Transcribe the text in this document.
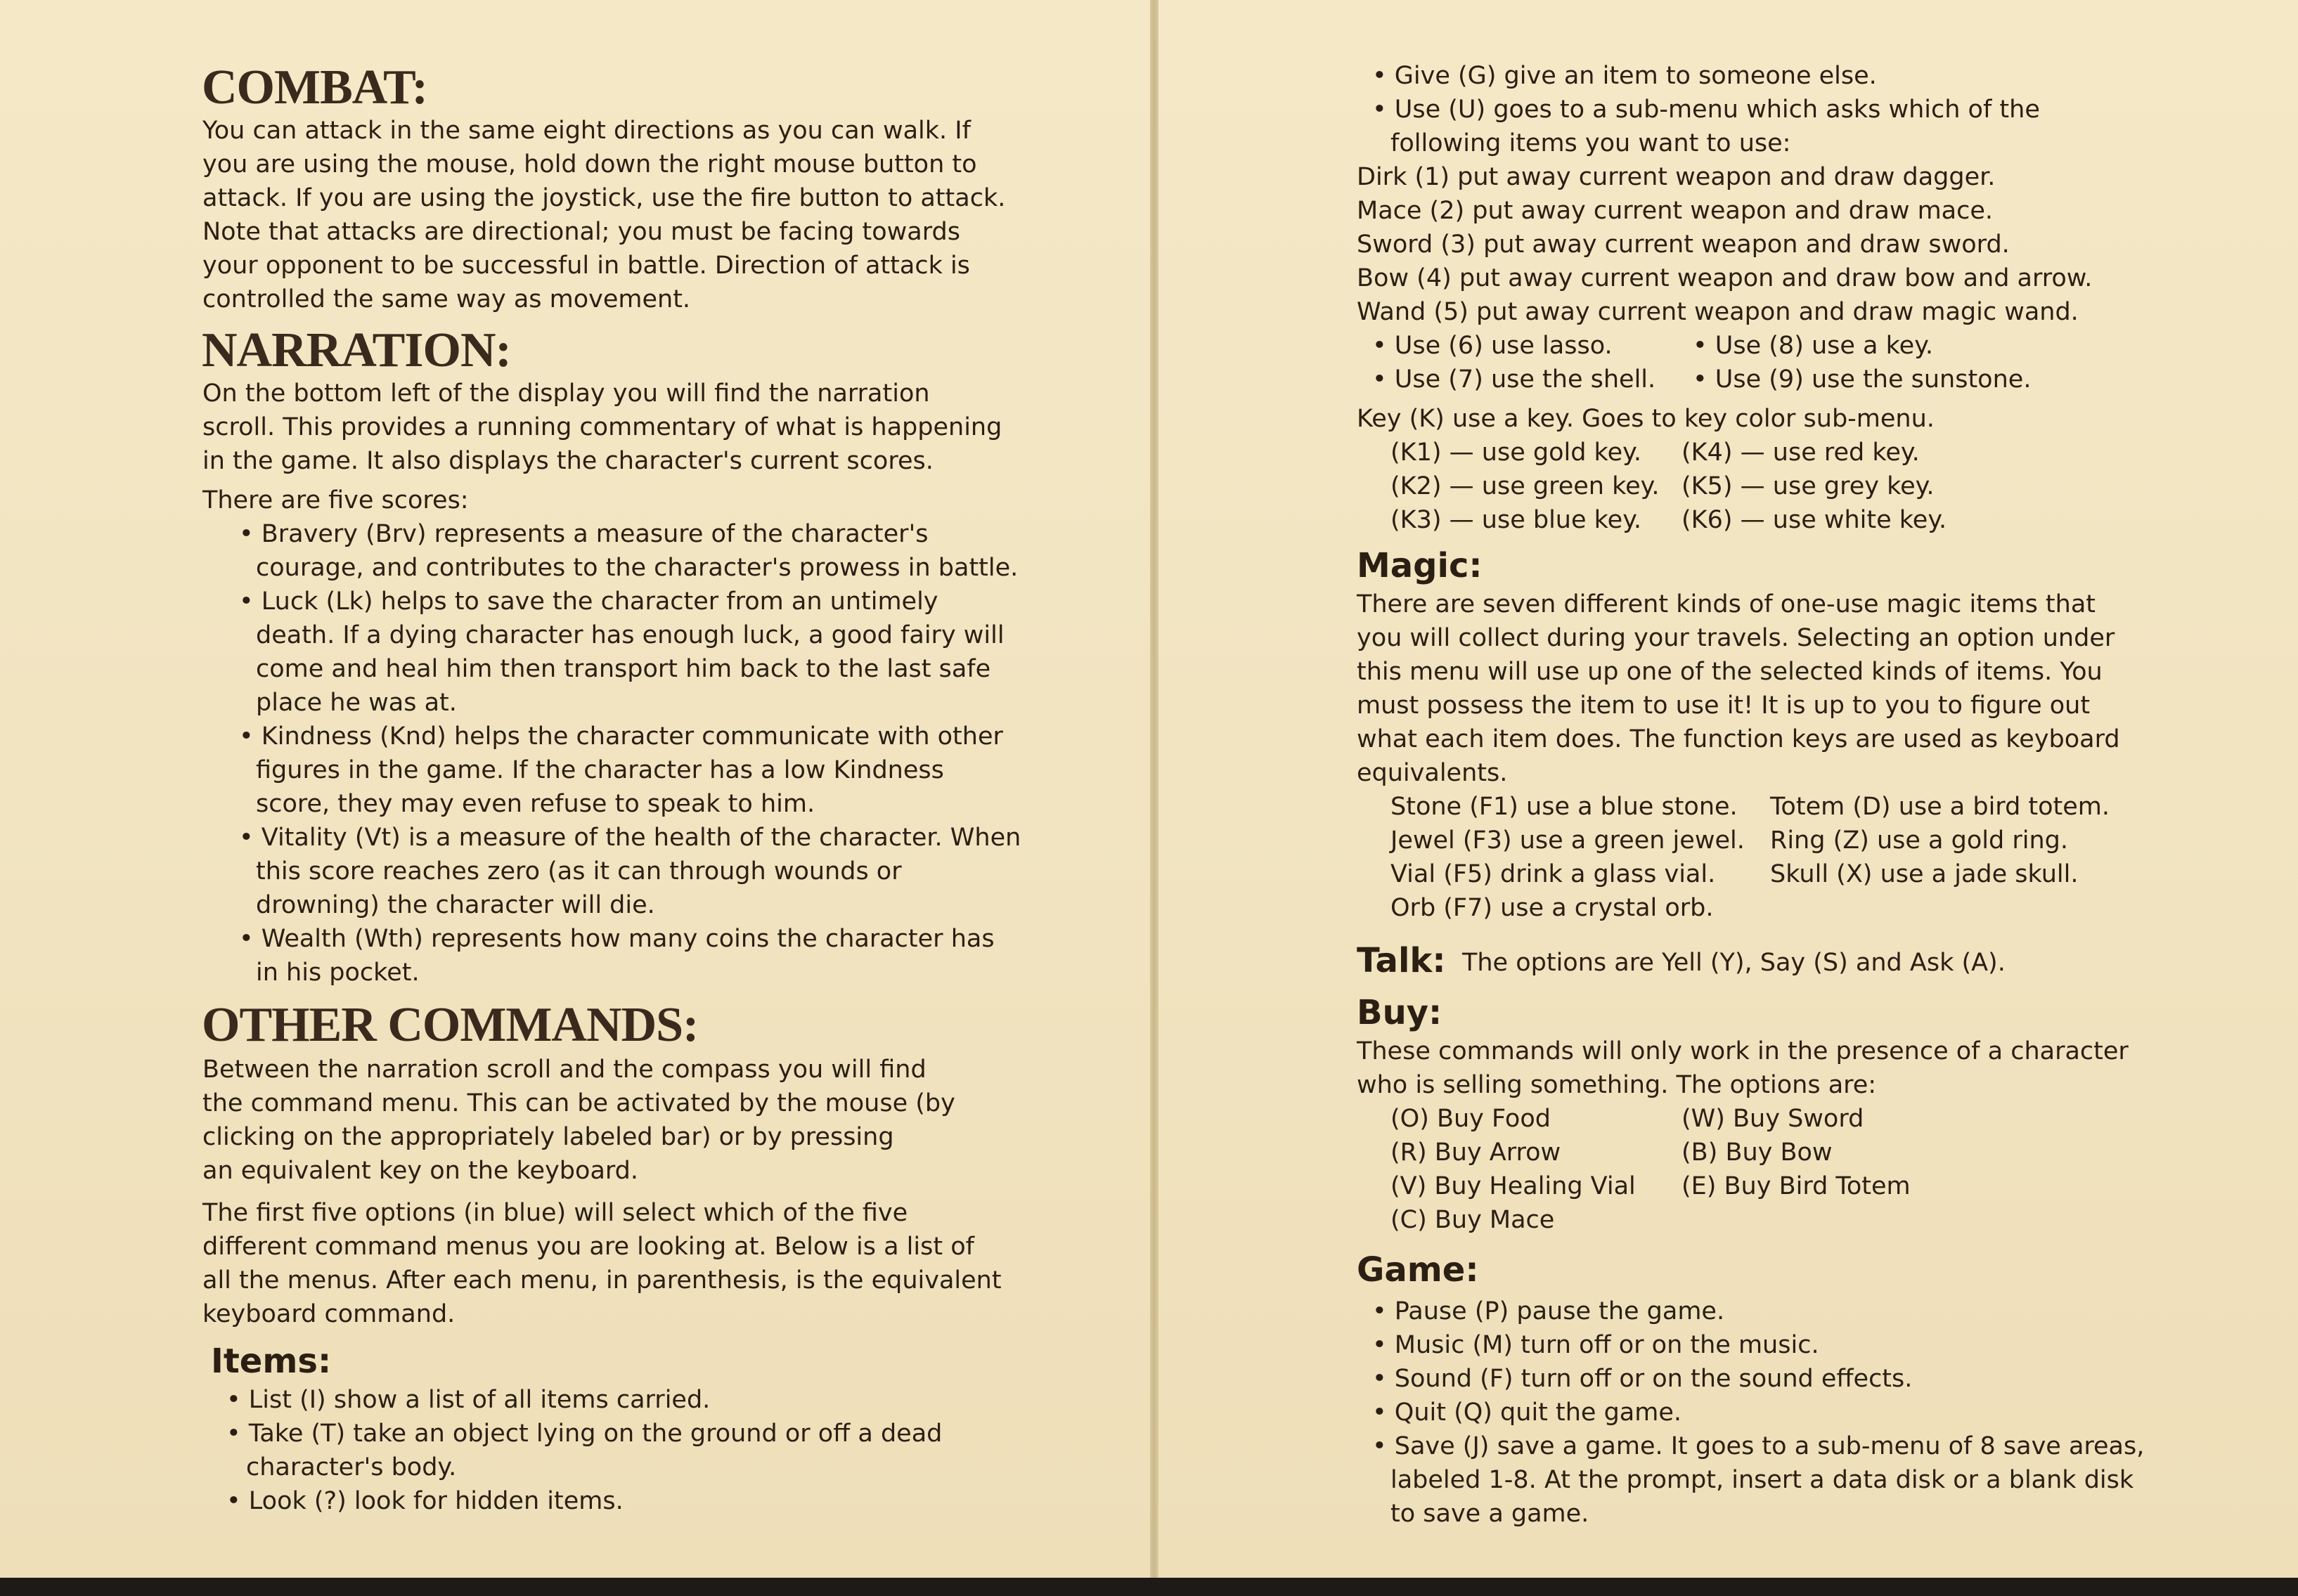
COMBAT:
You can attack in the same eight directions as you can walk. If
you are using the mouse, hold down the right mouse button to
attack. If you are using the joystick, use the fire button to attack.
Note that attacks are directional; you must be facing towards
your opponent to be successful in battle. Direction of attack is
controlled the same way as movement.
NARRATION:
On the bottom left of the display you will find the narration
scroll. This provides a running commentary of what is happening
in the game. It also displays the character's current scores.
There are five scores:
• Bravery (Brv) represents a measure of the character's
courage, and contributes to the character's prowess in battle.
• Luck (Lk) helps to save the character from an untimely
death. If a dying character has enough luck, a good fairy will
come and heal him then transport him back to the last safe
place he was at.
• Kindness (Knd) helps the character communicate with other
figures in the game. If the character has a low Kindness
score, they may even refuse to speak to him.
• Vitality (Vt) is a measure of the health of the character. When
this score reaches zero (as it can through wounds or
drowning) the character will die.
• Wealth (Wth) represents how many coins the character has
in his pocket.
OTHER COMMANDS:
Between the narration scroll and the compass you will find
the command menu. This can be activated by the mouse (by
clicking on the appropriately labeled bar) or by pressing
an equivalent key on the keyboard.
The first five options (in blue) will select which of the five
different command menus you are looking at. Below is a list of
all the menus. After each menu, in parenthesis, is the equivalent
keyboard command.
Items:
• List (I) show a list of all items carried.
• Take (T) take an object lying on the ground or off a dead
character's body.
• Look (?) look for hidden items.
• Give (G) give an item to someone else.
• Use (U) goes to a sub-menu which asks which of the
following items you want to use:
Dirk (1) put away current weapon and draw dagger.
Mace (2) put away current weapon and draw mace.
Sword (3) put away current weapon and draw sword.
Bow (4) put away current weapon and draw bow and arrow.
Wand (5) put away current weapon and draw magic wand.
• Use (6) use lasso.
• Use (7) use the shell.
• Use (8) use a key.
• Use (9) use the sunstone.
Key (K) use a key. Goes to key color sub-menu.
(K1) — use gold key.
(K2) — use green key.
(K3) — use blue key.
(K4) — use red key.
(K5) — use grey key.
(K6) — use white key.
Magic:
There are seven different kinds of one-use magic items that
you will collect during your travels. Selecting an option under
this menu will use up one of the selected kinds of items. You
must possess the item to use it! It is up to you to figure out
what each item does. The function keys are used as keyboard
equivalents.
Stone (F1) use a blue stone.
Jewel (F3) use a green jewel.
Vial (F5) drink a glass vial.
Orb (F7) use a crystal orb.
Totem (D) use a bird totem.
Ring (Z) use a gold ring.
Skull (X) use a jade skull.
Talk: The options are Yell (Y), Say (S) and Ask (A).
Buy:
These commands will only work in the presence of a character
who is selling something. The options are:
(O) Buy Food
(R) Buy Arrow
(V) Buy Healing Vial
(C) Buy Mace
(W) Buy Sword
(B) Buy Bow
(E) Buy Bird Totem
Game:
• Pause (P) pause the game.
• Music (M) turn off or on the music.
• Sound (F) turn off or on the sound effects.
• Quit (Q) quit the game.
• Save (J) save a game. It goes to a sub-menu of 8 save areas,
labeled 1-8. At the prompt, insert a data disk or a blank disk
to save a game.
